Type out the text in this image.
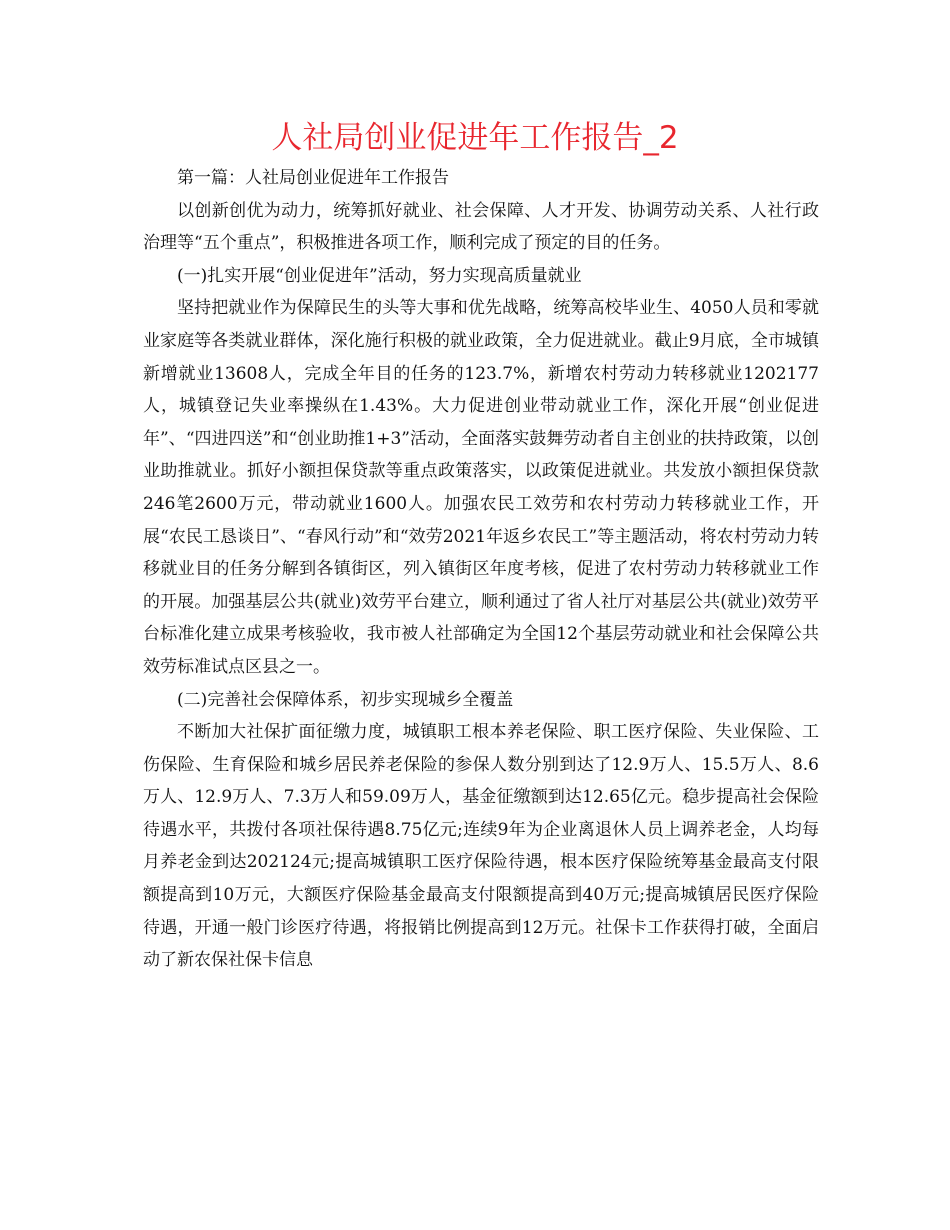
人社局创业促进年工作报告_2

第一篇：人社局创业促进年工作报告

以创新创优为动力，统筹抓好就业、社会保障、人才开发、协调劳动关系、人社行政治理等“五个重点”，积极推进各项工作，顺利完成了预定的目的任务。

(一)扎实开展“创业促进年”活动，努力实现高质量就业

坚持把就业作为保障民生的头等大事和优先战略，统筹高校毕业生、4050人员和零就业家庭等各类就业群体，深化施行积极的就业政策，全力促进就业。截止9月底，全市城镇新增就业13608人，完成全年目的任务的123.7%，新增农村劳动力转移就业1202177人，城镇登记失业率操纵在1.43%。大力促进创业带动就业工作，深化开展“创业促进年”、“四进四送”和“创业助推1+3”活动，全面落实鼓舞劳动者自主创业的扶持政策，以创业助推就业。抓好小额担保贷款等重点政策落实，以政策促进就业。共发放小额担保贷款246笔2600万元，带动就业1600人。加强农民工效劳和农村劳动力转移就业工作，开展“农民工恳谈日”、“春风行动”和“效劳2021年返乡农民工”等主题活动，将农村劳动力转移就业目的任务分解到各镇街区，列入镇街区年度考核，促进了农村劳动力转移就业工作的开展。加强基层公共(就业)效劳平台建立，顺利通过了省人社厅对基层公共(就业)效劳平台标准化建立成果考核验收，我市被人社部确定为全国12个基层劳动就业和社会保障公共效劳标准试点区县之一。

(二)完善社会保障体系，初步实现城乡全覆盖

不断加大社保扩面征缴力度，城镇职工根本养老保险、职工医疗保险、失业保险、工伤保险、生育保险和城乡居民养老保险的参保人数分别到达了12.9万人、15.5万人、8.6万人、12.9万人、7.3万人和59.09万人，基金征缴额到达12.65亿元。稳步提高社会保险待遇水平，共拨付各项社保待遇8.75亿元;连续9年为企业离退休人员上调养老金，人均每月养老金到达202124元;提高城镇职工医疗保险待遇，根本医疗保险统筹基金最高支付限额提高到10万元，大额医疗保险基金最高支付限额提高到40万元;提高城镇居民医疗保险待遇，开通一般门诊医疗待遇，将报销比例提高到12万元。社保卡工作获得打破，全面启动了新农保社保卡信息
